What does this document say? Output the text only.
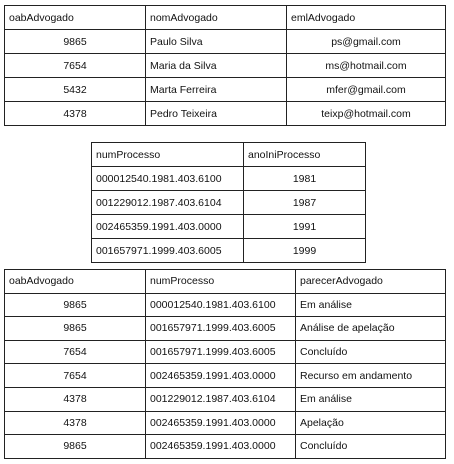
oabAdvogado	nomAdvogado	emlAdvogado
9865	Paulo Silva	ps@gmail.com
7654	Maria da Silva	ms@hotmail.com
5432	Marta Ferreira	mfer@gmail.com
4378	Pedro Teixeira	teixp@hotmail.com
numProcesso	anoIniProcesso
000012540.1981.403.6100	1981
001229012.1987.403.6104	1987
002465359.1991.403.0000	1991
001657971.1999.403.6005	1999
oabAdvogado	numProcesso	parecerAdvogado
9865	000012540.1981.403.6100	Em análise
9865	001657971.1999.403.6005	Análise de apelação
7654	001657971.1999.403.6005	Concluído
7654	002465359.1991.403.0000	Recurso em andamento
4378	001229012.1987.403.6104	Em análise
4378	002465359.1991.403.0000	Apelação
9865	002465359.1991.403.0000	Concluído
